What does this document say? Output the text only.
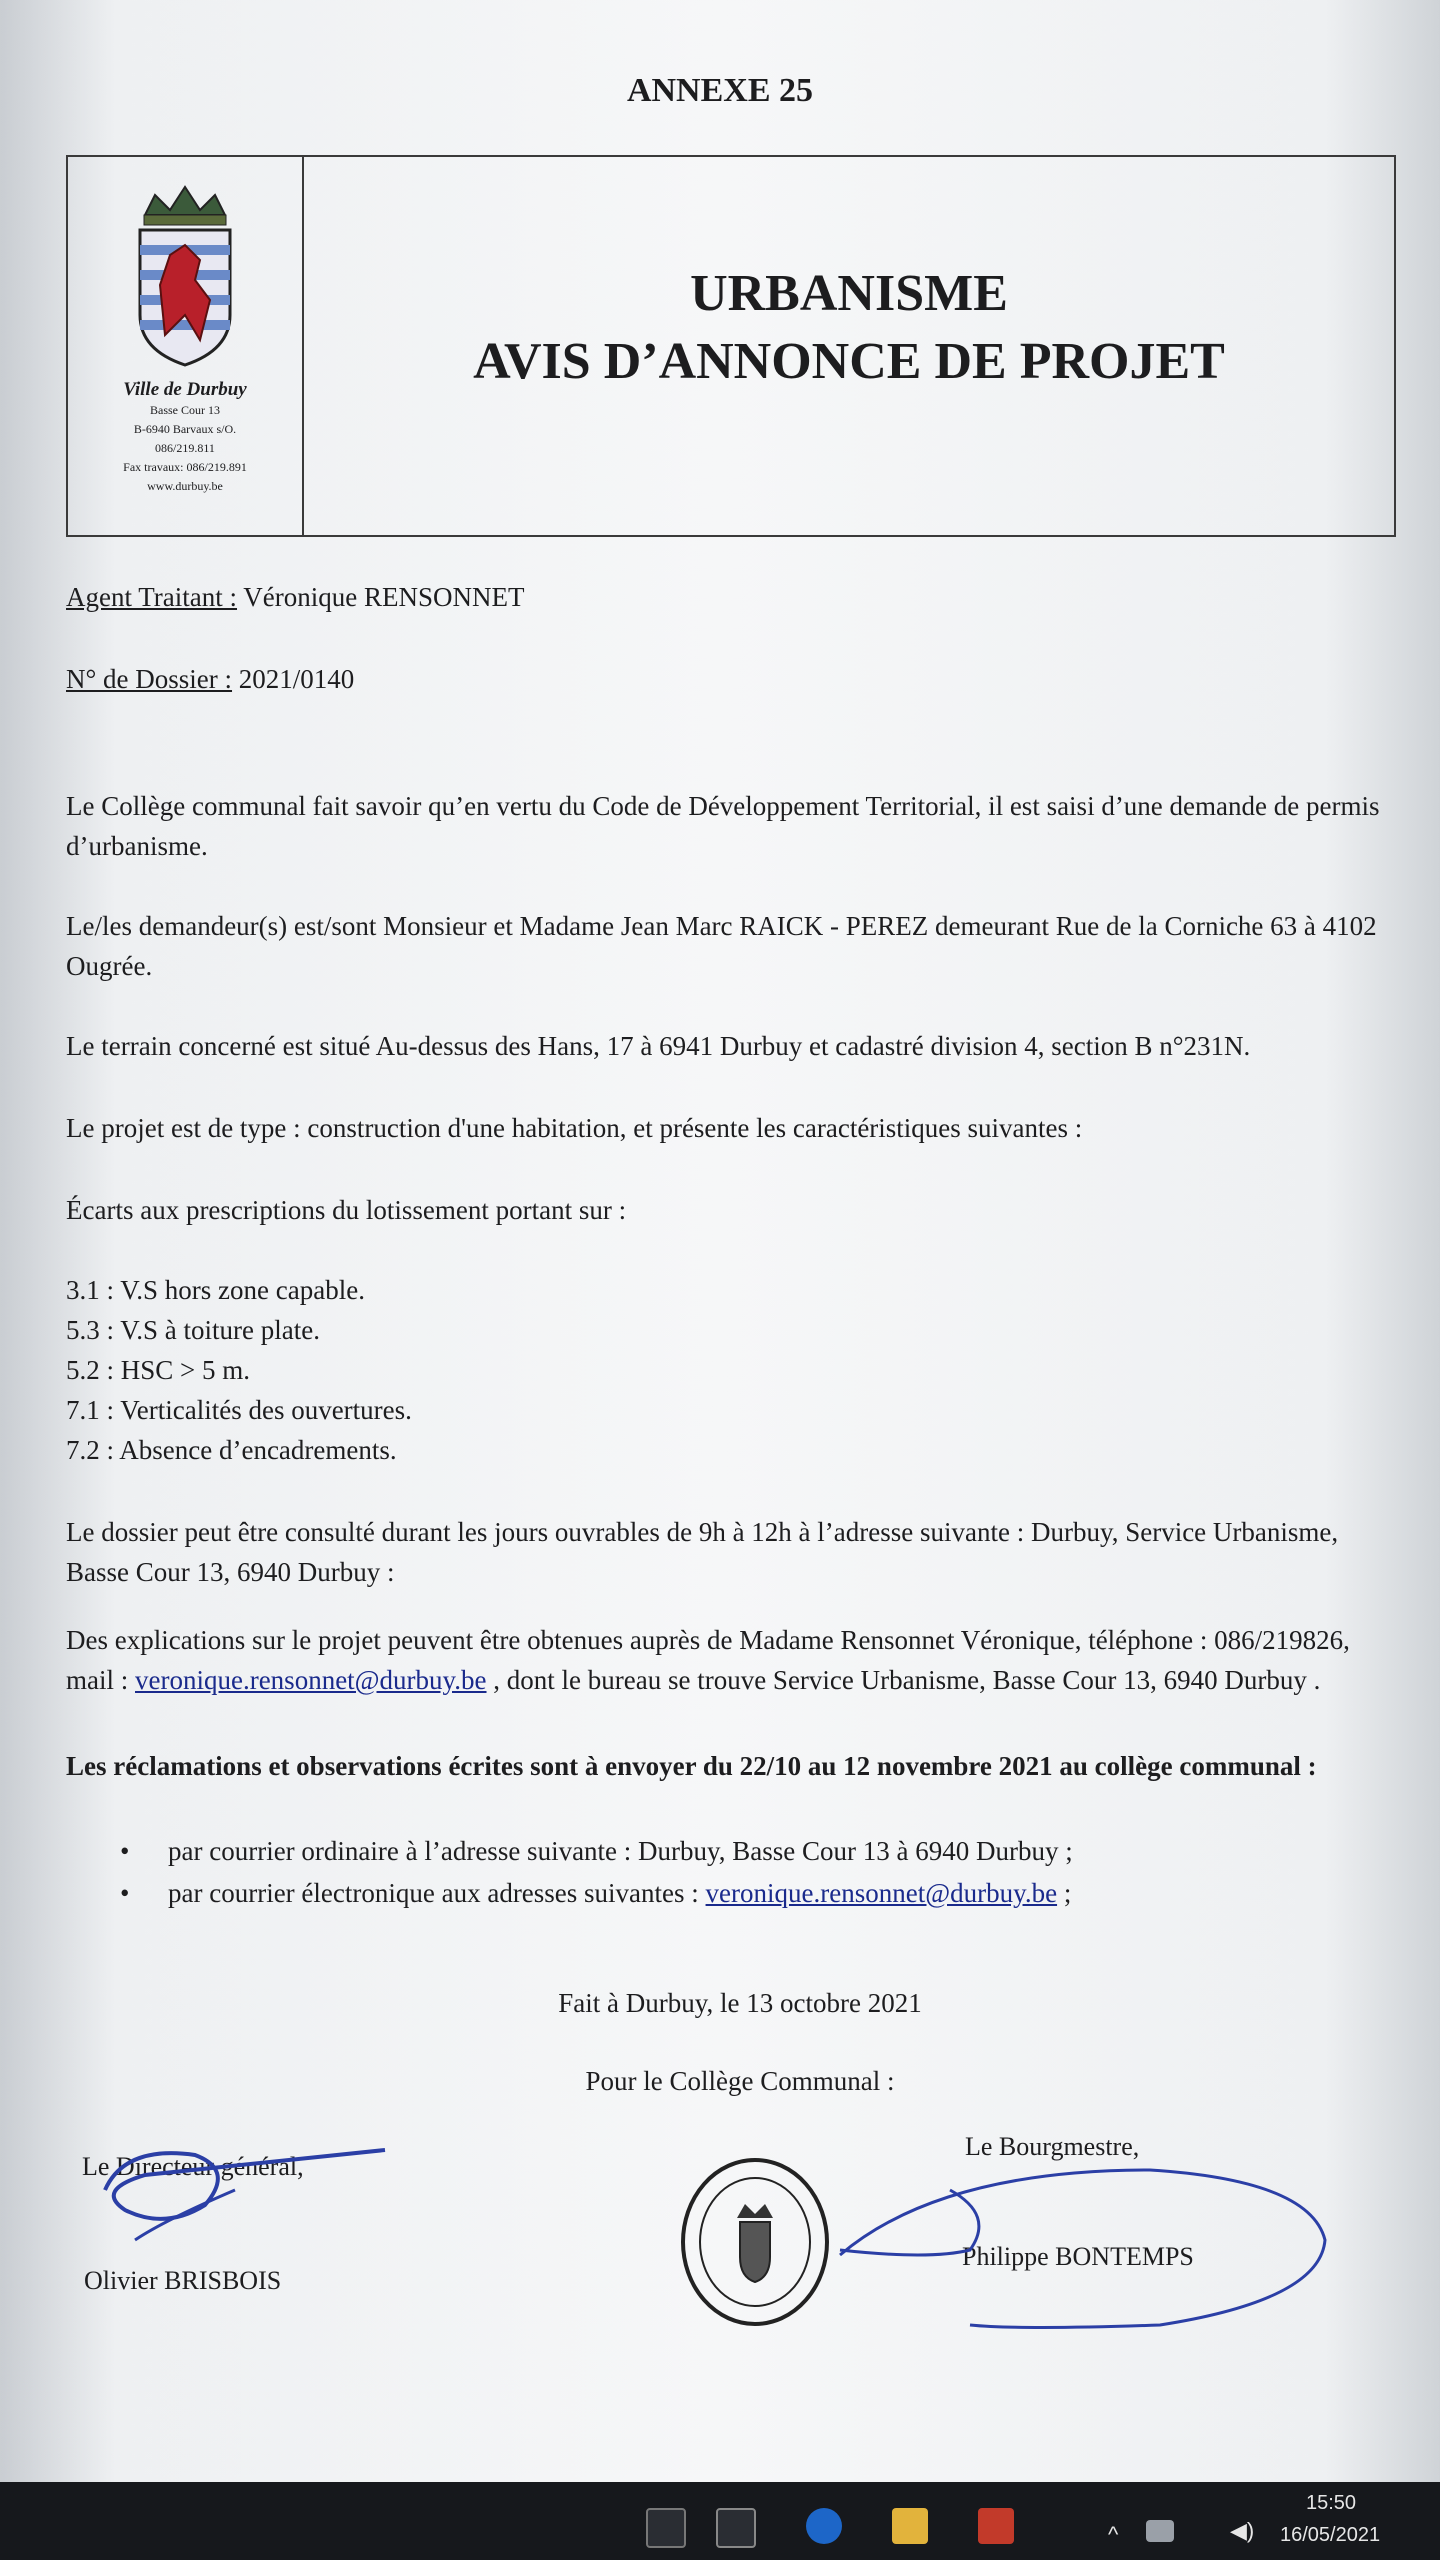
ANNEXE 25
Ville de Durbuy
Basse Cour 13
B-6940 Barvaux s/O.
086/219.811
Fax travaux: 086/219.891
www.durbuy.be
URBANISME
AVIS D’ANNONCE DE PROJET
Agent Traitant : Véronique RENSONNET
N° de Dossier : 2021/0140
Le Collège communal fait savoir qu’en vertu du Code de Développement Territorial, il est saisi d’une demande de permis d’urbanisme.
Le/les demandeur(s) est/sont Monsieur et Madame Jean Marc RAICK - PEREZ demeurant Rue de la Corniche 63 à 4102 Ougrée.
Le terrain concerné est situé Au-dessus des Hans, 17 à 6941 Durbuy et cadastré division 4, section B n°231N.
Le projet est de type : construction d'une habitation, et présente les caractéristiques suivantes :
Écarts aux prescriptions du lotissement portant sur :
3.1 : V.S hors zone capable.
5.3 : V.S à toiture plate.
5.2 : HSC > 5 m.
7.1 : Verticalités des ouvertures.
7.2 : Absence d’encadrements.
Le dossier peut être consulté durant les jours ouvrables de 9h à 12h à l’adresse suivante : Durbuy, Service Urbanisme, Basse Cour 13, 6940 Durbuy :
Des explications sur le projet peuvent être obtenues auprès de Madame Rensonnet Véronique, téléphone : 086/219826, mail : veronique.rensonnet@durbuy.be , dont le bureau se trouve Service Urbanisme, Basse Cour 13, 6940 Durbuy .
Les réclamations et observations écrites sont à envoyer du 22/10 au 12 novembre 2021 au collège communal :
• par courrier ordinaire à l’adresse suivante : Durbuy, Basse Cour 13 à 6940 Durbuy ;
• par courrier électronique aux adresses suivantes : veronique.rensonnet@durbuy.be ;
Fait à Durbuy, le 13 octobre 2021
Pour le Collège Communal :
Le Directeur général,
Olivier BRISBOIS
Le Bourgmestre,
Philippe BONTEMPS
^	◀)
15:50
16/05/2021
